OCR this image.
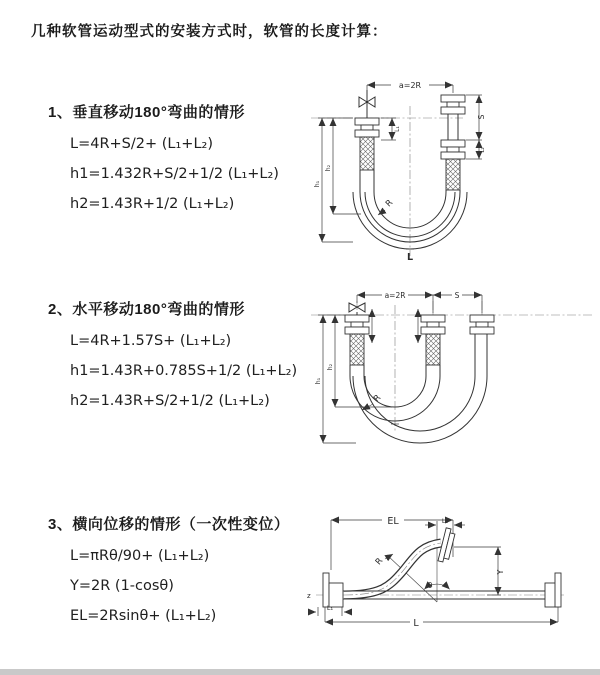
几种软管运动型式的安装方式时，软管的长度计算：
1、垂直移动180°弯曲的情形
L=4R+S/2+ (L₁+L₂)
h1=1.432R+S/2+1/2 (L₁+L₂)
h2=1.43R+1/2 (L₁+L₂)
2、水平移动180°弯曲的情形
L=4R+1.57S+ (L₁+L₂)
h1=1.43R+0.785S+1/2 (L₁+L₂)
h2=1.43R+S/2+1/2 (L₁+L₂)
3、横向位移的情形（一次性变位）
L=πRθ/90+ (L₁+L₂)
Y=2R (1-cosθ)
EL=2Rsinθ+ (L₁+L₂)
a=2R
L₁
S
L₂
R
h₁
h₂
L
a=2R	S
R
h₁
h₂
z
EL	L₂
θ
R
Y
L₁
L
